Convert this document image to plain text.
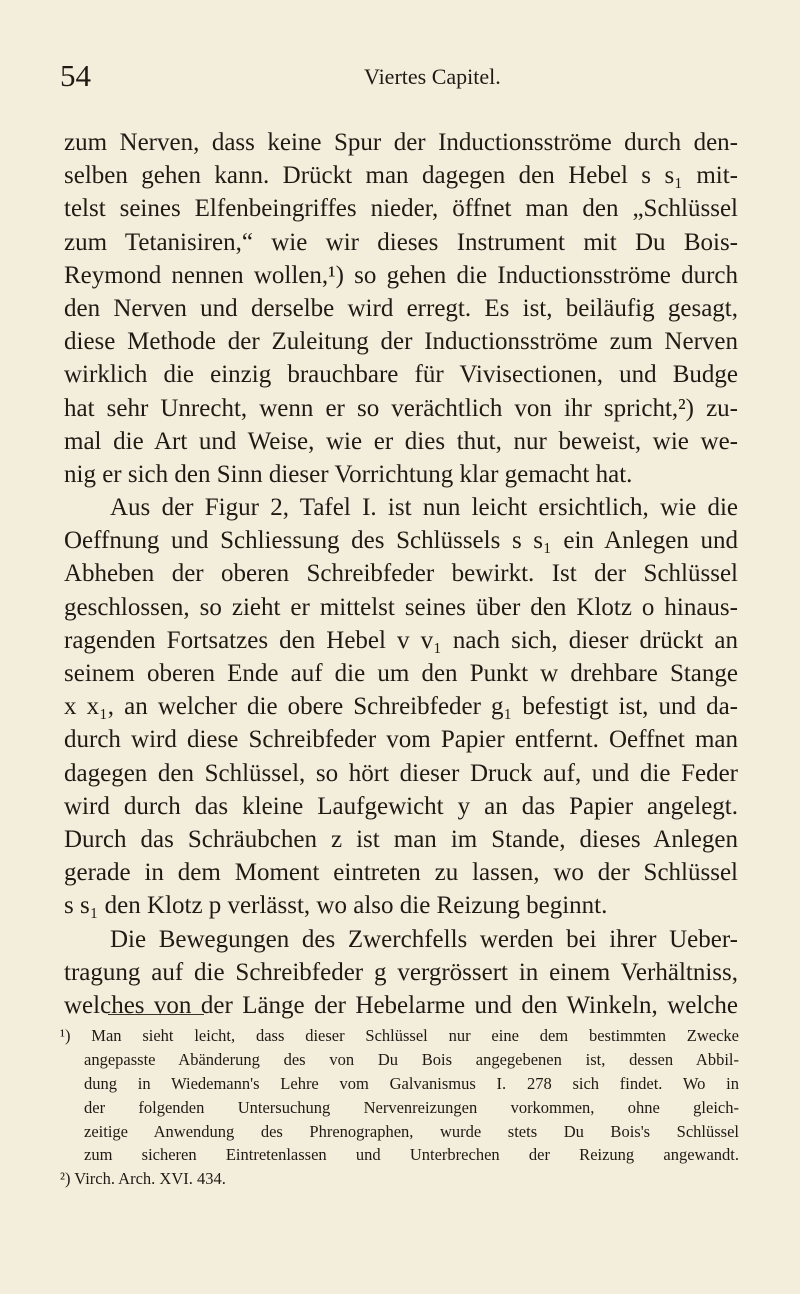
54	Viertes Capitel.
zum Nerven, dass keine Spur der Inductionsströme durch den-
selben gehen kann. Drückt man dagegen den Hebel s s₁ mit-
telst seines Elfenbeingriffes nieder, öffnet man den „Schlüssel
zum Tetanisiren,“ wie wir dieses Instrument mit Du Bois-
Reymond nennen wollen,¹) so gehen die Inductionsströme durch
den Nerven und derselbe wird erregt. Es ist, beiläufig gesagt,
diese Methode der Zuleitung der Inductionsströme zum Nerven
wirklich die einzig brauchbare für Vivisectionen, und Budge
hat sehr Unrecht, wenn er so verächtlich von ihr spricht,²) zu-
mal die Art und Weise, wie er dies thut, nur beweist, wie we-
nig er sich den Sinn dieser Vorrichtung klar gemacht hat.
Aus der Figur 2, Tafel I. ist nun leicht ersichtlich, wie die
Oeffnung und Schliessung des Schlüssels s s₁ ein Anlegen und
Abheben der oberen Schreibfeder bewirkt. Ist der Schlüssel
geschlossen, so zieht er mittelst seines über den Klotz o hinaus-
ragenden Fortsatzes den Hebel v v₁ nach sich, dieser drückt an
seinem oberen Ende auf die um den Punkt w drehbare Stange
x x₁, an welcher die obere Schreibfeder g₁ befestigt ist, und da-
durch wird diese Schreibfeder vom Papier entfernt. Oeffnet man
dagegen den Schlüssel, so hört dieser Druck auf, und die Feder
wird durch das kleine Laufgewicht y an das Papier angelegt.
Durch das Schräubchen z ist man im Stande, dieses Anlegen
gerade in dem Moment eintreten zu lassen, wo der Schlüssel
s s₁ den Klotz p verlässt, wo also die Reizung beginnt.
Die Bewegungen des Zwerchfells werden bei ihrer Ueber-
tragung auf die Schreibfeder g vergrössert in einem Verhältniss,
welches von der Länge der Hebelarme und den Winkeln, welche
¹) Man sieht leicht, dass dieser Schlüssel nur eine dem bestimmten Zwecke
angepasste Abänderung des von Du Bois angegebenen ist, dessen Abbil-
dung in Wiedemann's Lehre vom Galvanismus I. 278 sich findet. Wo in
der folgenden Untersuchung Nervenreizungen vorkommen, ohne gleich-
zeitige Anwendung des Phrenographen, wurde stets Du Bois's Schlüssel
zum sicheren Eintretenlassen und Unterbrechen der Reizung angewandt.
²) Virch. Arch. XVI. 434.
